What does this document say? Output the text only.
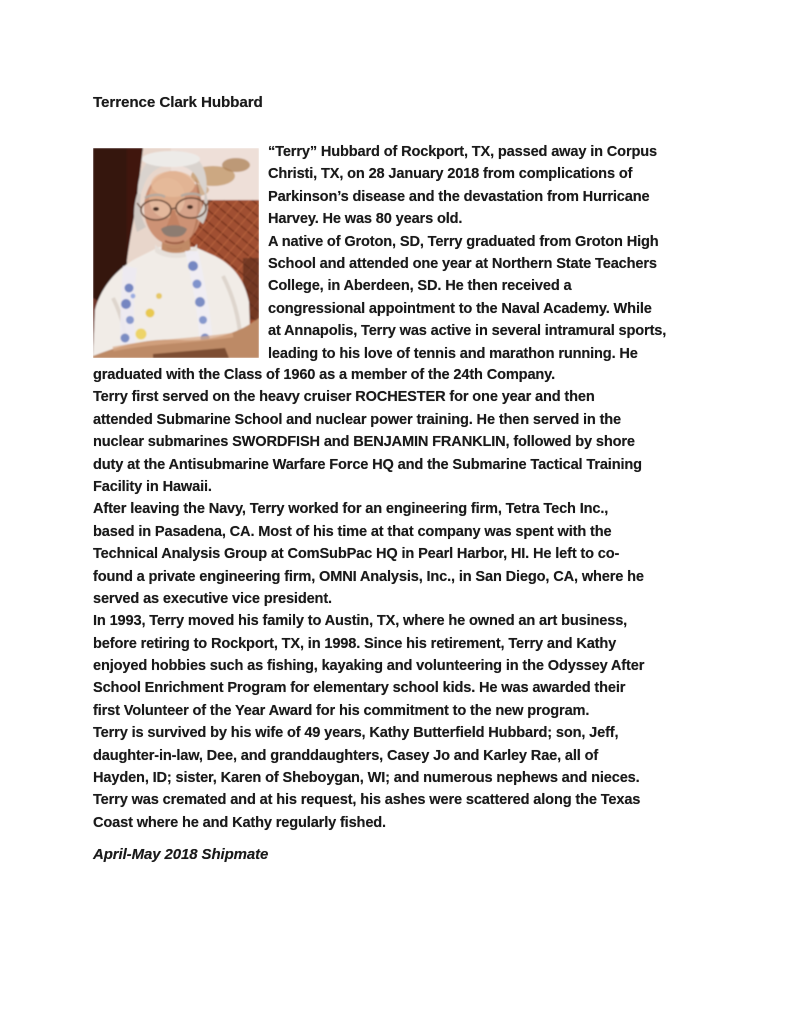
Terrence Clark Hubbard
“Terry” Hubbard of Rockport, TX, passed away in Corpus
Christi, TX, on 28 January 2018 from complications of
Parkinson’s disease and the devastation from Hurricane
Harvey. He was 80 years old.
A native of Groton, SD, Terry graduated from Groton High
School and attended one year at Northern State Teachers
College, in Aberdeen, SD. He then received a
congressional appointment to the Naval Academy. While
at Annapolis, Terry was active in several intramural sports,
leading to his love of tennis and marathon running. He
graduated with the Class of 1960 as a member of the 24th Company.
Terry first served on the heavy cruiser ROCHESTER for one year and then
attended Submarine School and nuclear power training. He then served in the
nuclear submarines SWORDFISH and BENJAMIN FRANKLIN, followed by shore
duty at the Antisubmarine Warfare Force HQ and the Submarine Tactical Training
Facility in Hawaii.
After leaving the Navy, Terry worked for an engineering firm, Tetra Tech Inc.,
based in Pasadena, CA. Most of his time at that company was spent with the
Technical Analysis Group at ComSubPac HQ in Pearl Harbor, HI. He left to co-
found a private engineering firm, OMNI Analysis, Inc., in San Diego, CA, where he
served as executive vice president.
In 1993, Terry moved his family to Austin, TX, where he owned an art business,
before retiring to Rockport, TX, in 1998. Since his retirement, Terry and Kathy
enjoyed hobbies such as fishing, kayaking and volunteering in the Odyssey After
School Enrichment Program for elementary school kids. He was awarded their
first Volunteer of the Year Award for his commitment to the new program.
Terry is survived by his wife of 49 years, Kathy Butterfield Hubbard; son, Jeff,
daughter-in-law, Dee, and granddaughters, Casey Jo and Karley Rae, all of
Hayden, ID; sister, Karen of Sheboygan, WI; and numerous nephews and nieces.
Terry was cremated and at his request, his ashes were scattered along the Texas
Coast where he and Kathy regularly fished.
April-May 2018 Shipmate
